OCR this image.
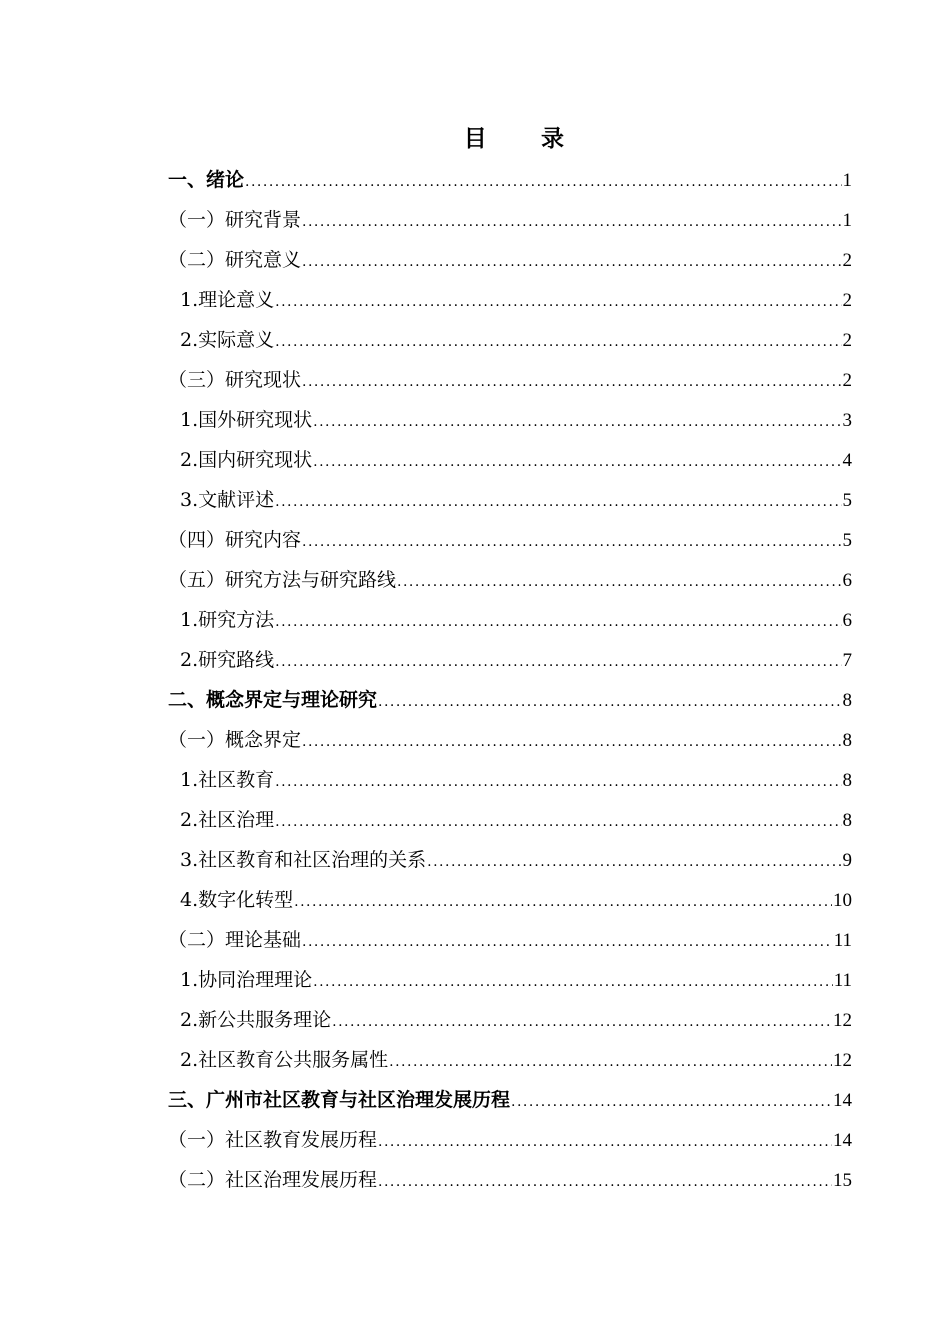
目 录
一、绪论 .....	1
（一）研究背景 .....	1
（二）研究意义 .....	2
1.理论意义 .....	2
2.实际意义 .....	2
（三）研究现状 .....	2
1.国外研究现状 .....	3
2.国内研究现状 .....	4
3.文献评述 .....	5
（四）研究内容 .....	5
（五）研究方法与研究路线 .....	6
1.研究方法 .....	6
2.研究路线 .....	7
二、概念界定与理论研究 .....	8
（一）概念界定 .....	8
1.社区教育 .....	8
2.社区治理 .....	8
3.社区教育和社区治理的关系 .....	9
4.数字化转型 .....	10
（二）理论基础 .....	11
1.协同治理理论 .....	11
2.新公共服务理论 .....	12
2.社区教育公共服务属性 .....	12
三、广州市社区教育与社区治理发展历程 .....	14
（一）社区教育发展历程 .....	14
（二）社区治理发展历程 .....	15
